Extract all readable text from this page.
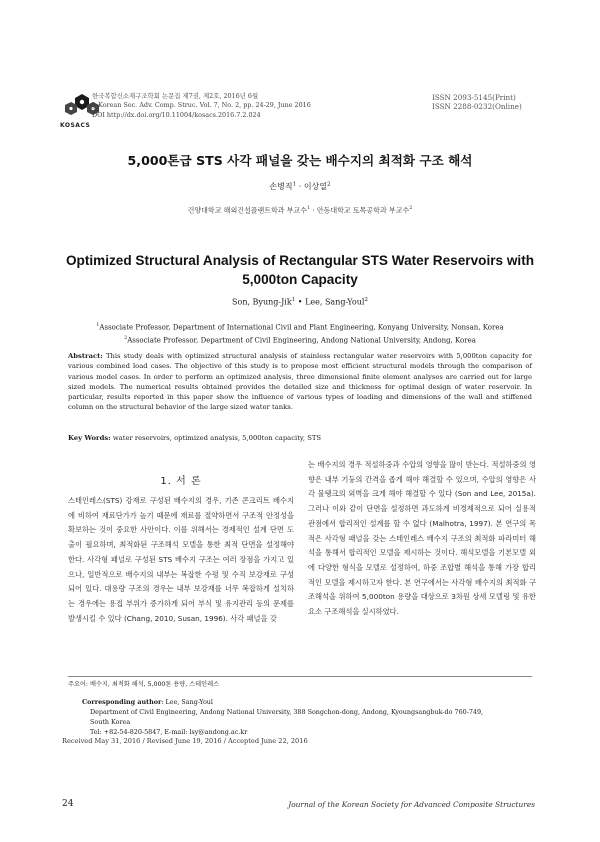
KOSACS
한국복합신소재구조학회 논문집 제7권, 제2호, 2016년 6월
J. Korean Soc. Adv. Comp. Struc. Vol. 7, No. 2, pp. 24-29, June 2016
DOI http://dx.doi.org/10.11004/kosacs.2016.7.2.024
ISSN 2093-5145(Print)
ISSN 2288-0232(Online)
5,000톤급 STS 사각 패널을 갖는 배수지의 최적화 구조 해석
손병직$^1$ · 이상열$^2$
건양대학교 해외건설플랜트학과 부교수$^1$ · 안동대학교 토목공학과 부교수$^2$
Optimized Structural Analysis of Rectangular STS Water Reservoirs with 5,000ton Capacity
Son, Byung-Jik$^1$ • Lee, Sang-Youl$^2$
$^1$Associate Professor, Department of International Civil and Plant Engineering, Konyang University, Nonsan, Korea
$^2$Associate Professor, Department of Civil Engineering, Andong National University, Andong, Korea
Abstract: This study deals with optimized structural analysis of stainless rectangular water reservoirs with 5,000ton capacity for various combined load cases. The objective of this study is to propose most efficient structural models through the comparison of various model cases. In order to perform an optimized analysis, three dimensional finite element analyses are carried out for large sized models. The numerical results obtained provides the detailed size and thickness for optimal design of water reservoir. In particular, results reported in this paper show the influence of various types of loading and dimensions of the wall and stiffened column on the structural behavior of the large sized water tanks.
Key Words: water reservoirs, optimized analysis, 5,000ton capacity, STS
1. 서 론
스테인레스(STS) 강재로 구성된 배수지의 경우, 기존 콘크리트 배수지에 비하여 재료단가가 높기 때문에 재료를 절약하면서 구조적 안정성을 확보하는 것이 중요한 사안이다. 이를 위해서는 경제적인 설계 단면 도출이 필요하며, 최적화된 구조해석 모델을 통한 최적 단면을 설정해야 한다. 사각형 패널로 구성된 STS 배수지 구조는 여러 장점을 가지고 있으나, 일반적으로 배수지의 내부는 복잡한 수평 및 수직 보강재로 구성되어 있다. 대용량 구조의 경우는 내부 보강재를 너무 복잡하게 설치하는 경우에는 용접 부위가 증가하게 되어 부식 및 유지관리 등의 문제를 발생시킬 수 있다 (Chang, 2010, Susan, 1996). 사각 패널을 갖
는 배수지의 경우 적설하중과 수압의 영향을 많이 받는다. 적설하중의 영향은 내부 기둥의 간격을 좁게 해야 해결할 수 있으며, 수압의 영향은 사각 물탱크의 외벽을 크게 해야 해결할 수 있다 (Son and Lee, 2015a). 그러나 이와 같이 단면을 설정하면 과도하게 비경제적으로 되어 실용적 관점에서 합리적인 설계를 할 수 없다 (Malhotra, 1997). 본 연구의 목적은 사각형 패널을 갖는 스테인레스 배수지 구조의 최적화 파라미터 해석을 통해서 합리적인 모델을 제시하는 것이다. 해석모델을 기본모델 외에 다양한 형식을 모델로 설정하여, 하중 조합별 해석을 통해 가장 합리적인 모델을 제시하고자 한다. 본 연구에서는 사각형 배수지의 최적화 구조해석을 위하여 5,000ton 용량을 대상으로 3차원 상세 모델링 및 유한요소 구조해석을 실시하였다.
주요어: 배수지, 최적화 해석, 5,000톤 용량, 스테인레스
Corresponding author: Lee, Sang-Youl
Department of Civil Engineering, Andong National University, 388 Songchon-dong, Andong, Kyoungsangbuk-do 760-749,
South Korea
Tel: +82-54-820-5847, E-mail: lsy@andong.ac.kr
Received May 31, 2016 / Revised June 19, 2016 / Accepted June 22, 2016
24	Journal of the Korean Society for Advanced Composite Structures
